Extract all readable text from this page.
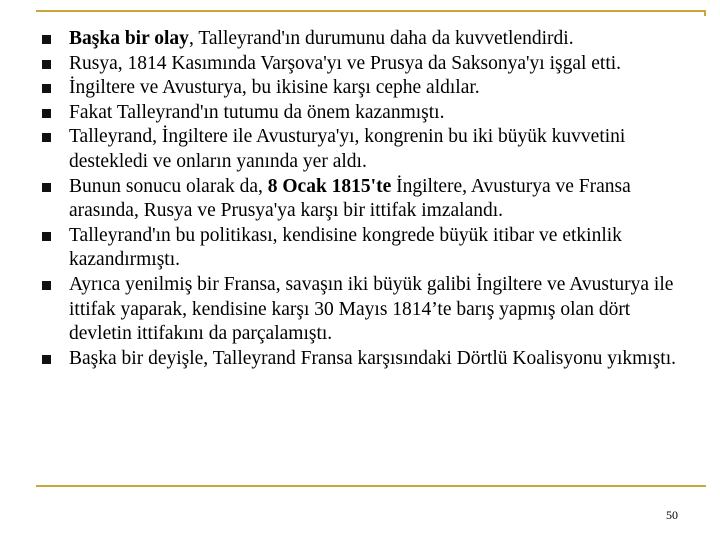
Başka bir olay, Talleyrand'ın durumunu daha da kuvvetlendirdi.
Rusya, 1814 Kasımında Varşova'yı ve Prusya da Saksonya'yı işgal etti.
İngiltere ve Avusturya, bu ikisine karşı cephe aldılar.
Fakat Talleyrand'ın tutumu da önem kazanmıştı.
Talleyrand, İngiltere ile Avusturya'yı, kongrenin bu iki büyük kuvvetini destekledi ve onların yanında yer aldı.
Bunun sonucu olarak da, 8 Ocak 1815'te İngiltere, Avusturya ve Fransa arasında, Rusya ve Prusya'ya karşı bir ittifak imzalandı.
Talleyrand'ın bu politikası, kendisine kongrede büyük itibar ve etkinlik kazandırmıştı.
Ayrıca yenilmiş bir Fransa, savaşın iki büyük galibi İngiltere ve Avusturya ile ittifak yaparak, kendisine karşı 30 Mayıs 1814’te barış yapmış olan dört devletin ittifakını da parçalamıştı.
Başka bir deyişle, Talleyrand Fransa karşısındaki Dörtlü Koalisyonu yıkmıştı.
50
